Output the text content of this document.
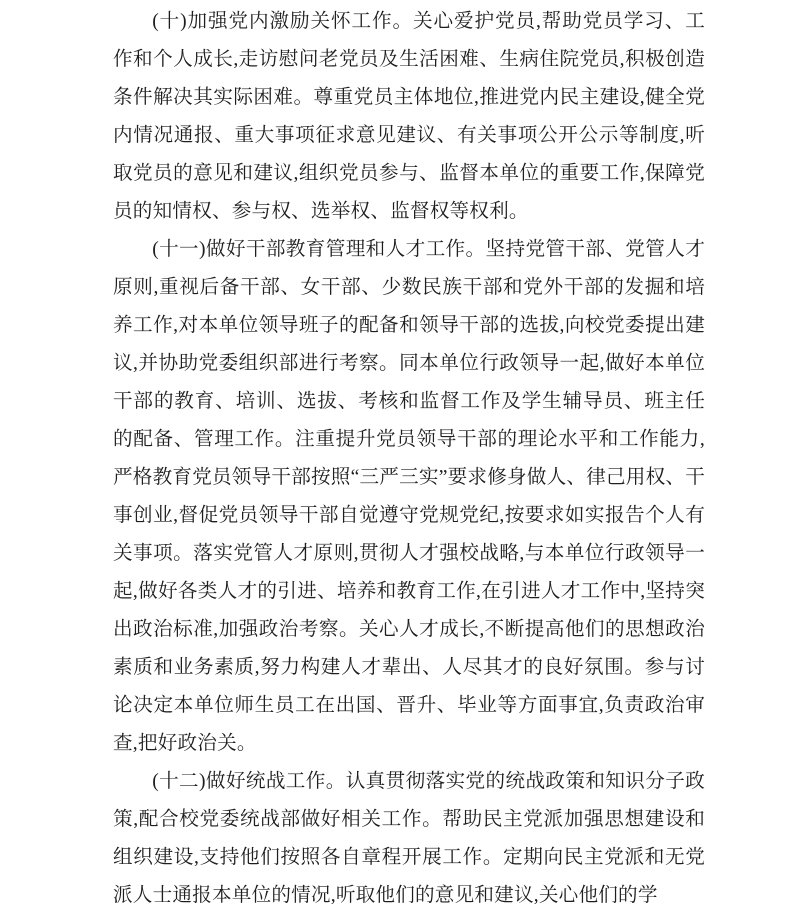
(十)加强党内激励关怀工作。关心爱护党员,帮助党员学习、工作和个人成长,走访慰问老党员及生活困难、生病住院党员,积极创造条件解决其实际困难。尊重党员主体地位,推进党内民主建设,健全党内情况通报、重大事项征求意见建议、有关事项公开公示等制度,听取党员的意见和建议,组织党员参与、监督本单位的重要工作,保障党员的知情权、参与权、选举权、监督权等权利。

(十一)做好干部教育管理和人才工作。坚持党管干部、党管人才原则,重视后备干部、女干部、少数民族干部和党外干部的发掘和培养工作,对本单位领导班子的配备和领导干部的选拔,向校党委提出建议,并协助党委组织部进行考察。同本单位行政领导一起,做好本单位干部的教育、培训、选拔、考核和监督工作及学生辅导员、班主任的配备、管理工作。注重提升党员领导干部的理论水平和工作能力,严格教育党员领导干部按照“三严三实”要求修身做人、律己用权、干事创业,督促党员领导干部自觉遵守党规党纪,按要求如实报告个人有关事项。落实党管人才原则,贯彻人才强校战略,与本单位行政领导一起,做好各类人才的引进、培养和教育工作,在引进人才工作中,坚持突出政治标准,加强政治考察。关心人才成长,不断提高他们的思想政治素质和业务素质,努力构建人才辈出、人尽其才的良好氛围。参与讨论决定本单位师生员工在出国、晋升、毕业等方面事宜,负责政治审查,把好政治关。

(十二)做好统战工作。认真贯彻落实党的统战政策和知识分子政策,配合校党委统战部做好相关工作。帮助民主党派加强思想建设和组织建设,支持他们按照各自章程开展工作。定期向民主党派和无党派人士通报本单位的情况,听取他们的意见和建议,关心他们的学
